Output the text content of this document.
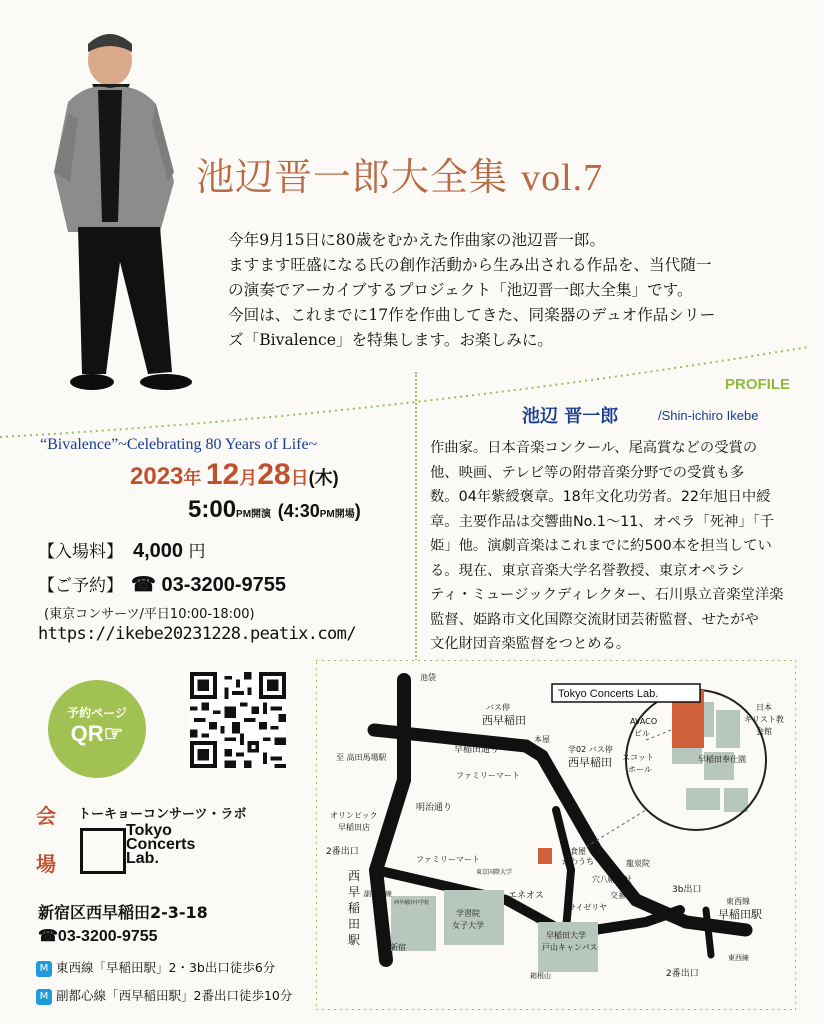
池辺晋一郎大全集 vol.7
今年9月15日に80歳をむかえた作曲家の池辺晋一郎。
ますます旺盛になる氏の創作活動から生み出される作品を、当代随一
の演奏でアーカイブするプロジェクト「池辺晋一郎大全集」です。
今回は、これまでに17作を作曲してきた、同楽器のデュオ作品シリー
ズ「Bivalence」を特集します。お楽しみに。
PROFILE
池辺 晋一郎	/Shin-ichiro Ikebe
作曲家。日本音楽コンクール、尾高賞などの受賞の
他、映画、テレビ等の附帯音楽分野での受賞も多
数。04年紫綬褒章。18年文化功労者。22年旭日中綬
章。主要作品は交響曲No.1〜11、オペラ「死神」「千
姫」他。演劇音楽はこれまでに約500本を担当してい
る。現在、東京音楽大学名誉教授、東京オペラシ
ティ・ミュージックディレクター、石川県立音楽堂洋楽
監督、姫路市文化国際交流財団芸術監督、せたがや
文化財団音楽監督をつとめる。
“Bivalence”~Celebrating 80 Years of Life~
2023年 12月28日(木)
5:00PM開演 (4:30PM開場)
【入場料】 4,000 円
【ご予約】 ☎ 03-3200-9755
(東京コンサーツ/平日10:00-18:00)
https://ikebe20231228.peatix.com/
予約ページ
QR☞
会
場
トーキョーコンサーツ・ラボ
Tokyo
Concerts
Lab.
新宿区西早稲田2-3-18
☎03-3200-9755
M 東西線「早稲田駅」2・3b出口徒歩6分
M 副都心線「西早稲田駅」2番出口徒歩10分
Tokyo Concerts Lab.
池袋
バス停
西早稲田
至 高田馬場駅
早稲田通り
本屋
学02 バス停
西早稲田
ファミリーマート
明治通り
オリンピック
早稲田店
2番出口
ファミリーマート
東京国際大学
居食屋
かわうち	龍泉院
穴八幡神社
交番
サイゼリヤ
エネオス
学習院
女子大学
西早稲田中学校
早稲田大学
戸山キャンパス
箱根山
3b出口
東西線
早稲田駅
2番出口
東西線
AVACO
ビル
スコット
ホール
日本
キリスト教
会館
早稲田奉仕園
西
早
稲
田
駅
副都心線
新宿
